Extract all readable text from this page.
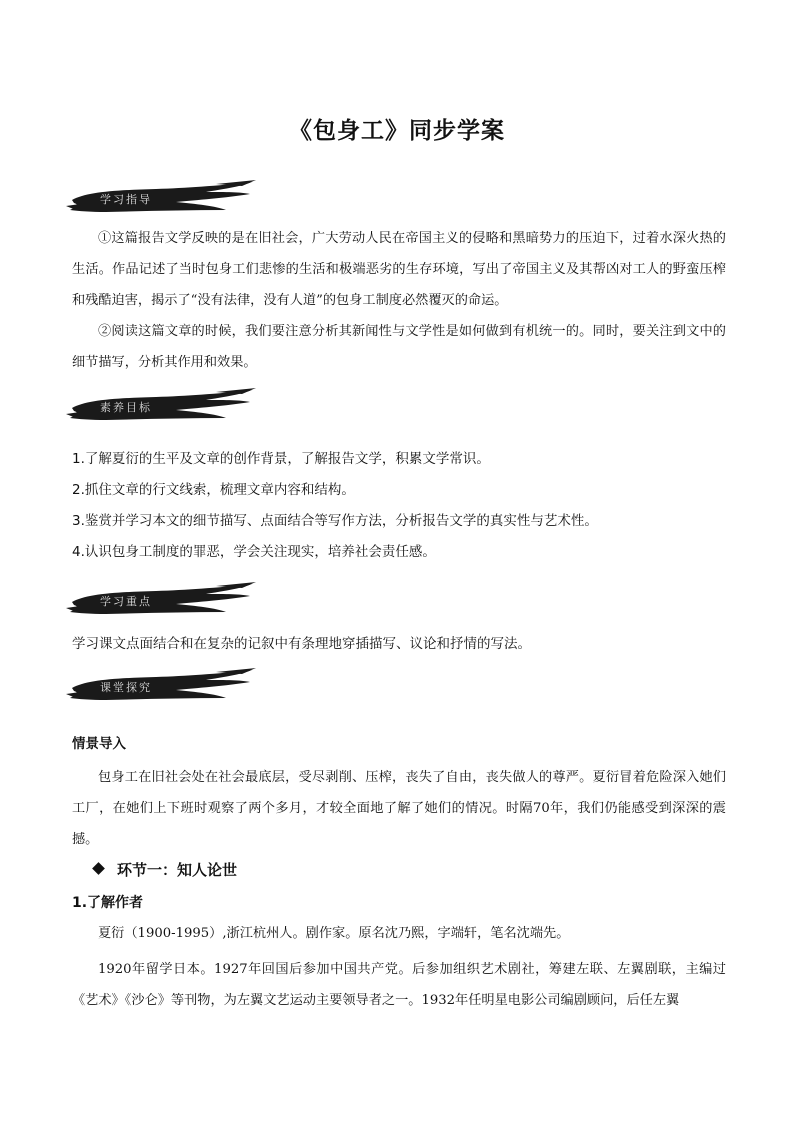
《包身工》同步学案
学习指导

①这篇报告文学反映的是在旧社会，广大劳动人民在帝国主义的侵略和黑暗势力的压迫下，过着水深火热的生活。作品记述了当时包身工们悲惨的生活和极端恶劣的生存环境，写出了帝国主义及其帮凶对工人的野蛮压榨和残酷迫害，揭示了“没有法律，没有人道”的包身工制度必然覆灭的命运。

②阅读这篇文章的时候，我们要注意分析其新闻性与文学性是如何做到有机统一的。同时，要关注到文中的细节描写，分析其作用和效果。

素养目标
1.了解夏衍的生平及文章的创作背景，了解报告文学，积累文学常识。
2.抓住文章的行文线索，梳理文章内容和结构。
3.鉴赏并学习本文的细节描写、点面结合等写作方法，分析报告文学的真实性与艺术性。
4.认识包身工制度的罪恶，学会关注现实，培养社会责任感。
学习重点
学习课文点面结合和在复杂的记叙中有条理地穿插描写、议论和抒情的写法。
课堂探究
情景导入

包身工在旧社会处在社会最底层，受尽剥削、压榨，丧失了自由，丧失做人的尊严。夏衍冒着危险深入她们工厂，在她们上下班时观察了两个多月，才较全面地了解了她们的情况。时隔70年，我们仍能感受到深深的震撼。

环节一：知人论世
1.了解作者

夏衍（1900-1995）,浙江杭州人。剧作家。原名沈乃熙，字端轩，笔名沈端先。

1920年留学日本。1927年回国后参加中国共产党。后参加组织艺术剧社，筹建左联、左翼剧联，主编过《艺术》《沙仑》等刊物，为左翼文艺运动主要领导者之一。1932年任明星电影公司编剧顾问，后任左翼
